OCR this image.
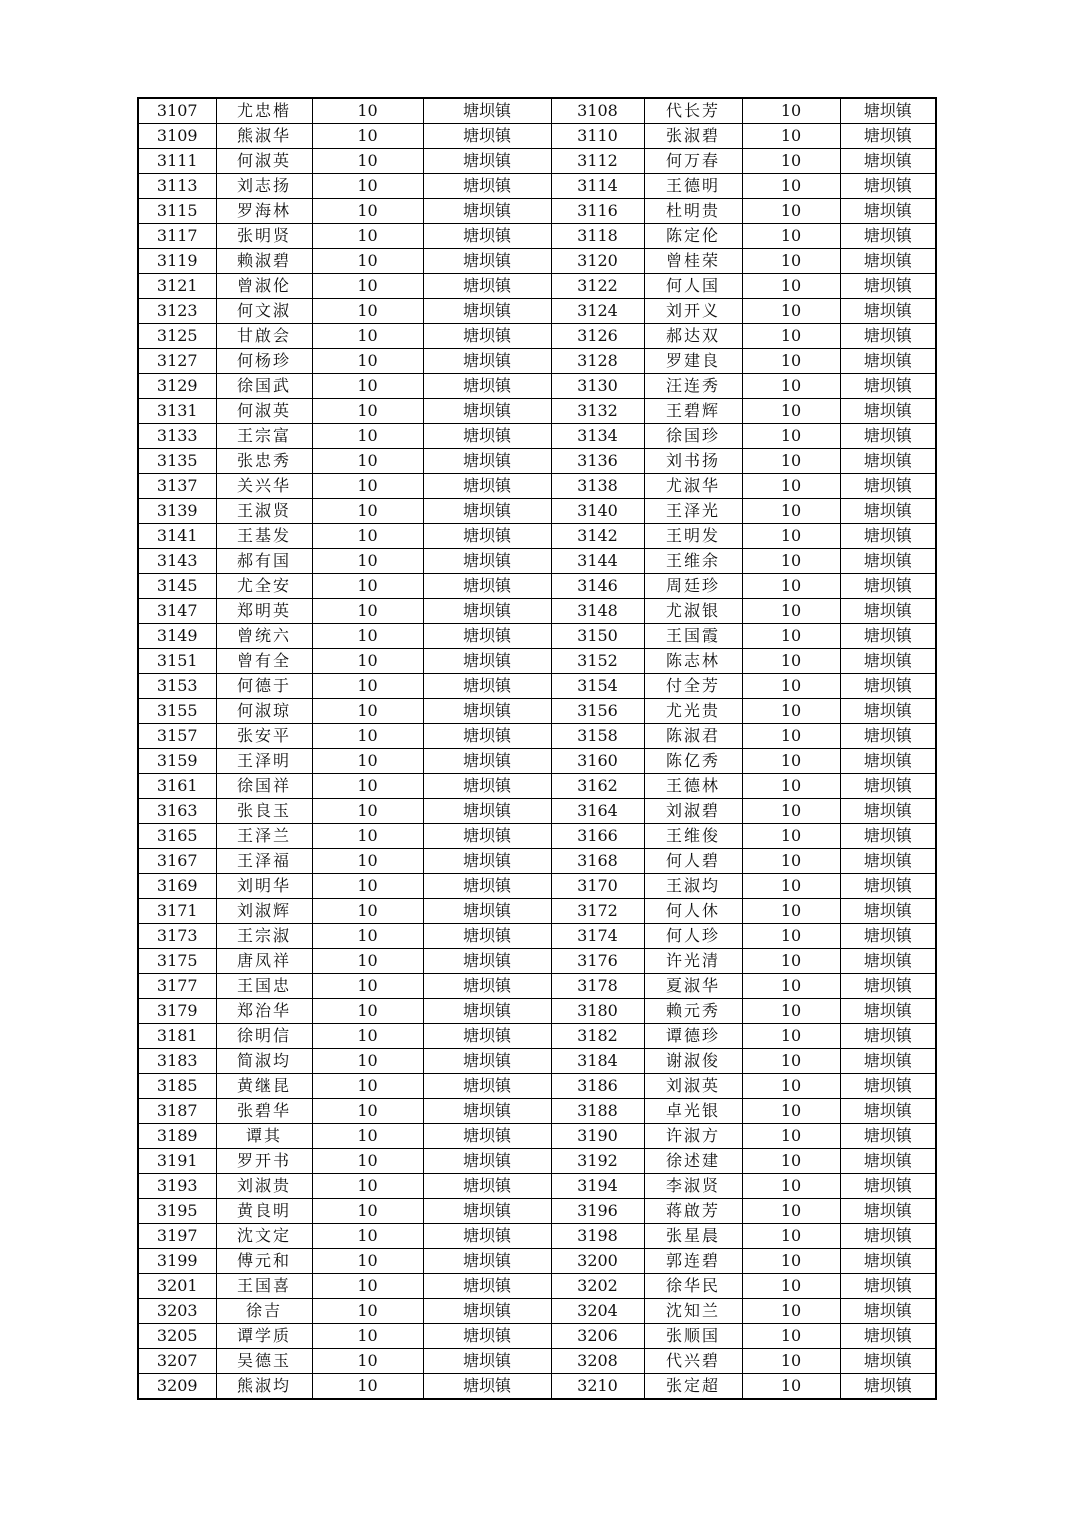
3107	尤忠楷	10	塘坝镇	3108	代长芳	10	塘坝镇
3109	熊淑华	10	塘坝镇	3110	张淑碧	10	塘坝镇
3111	何淑英	10	塘坝镇	3112	何万春	10	塘坝镇
3113	刘志扬	10	塘坝镇	3114	王德明	10	塘坝镇
3115	罗海林	10	塘坝镇	3116	杜明贵	10	塘坝镇
3117	张明贤	10	塘坝镇	3118	陈定伦	10	塘坝镇
3119	赖淑碧	10	塘坝镇	3120	曾桂荣	10	塘坝镇
3121	曾淑伦	10	塘坝镇	3122	何人国	10	塘坝镇
3123	何文淑	10	塘坝镇	3124	刘开义	10	塘坝镇
3125	甘啟会	10	塘坝镇	3126	郝达双	10	塘坝镇
3127	何杨珍	10	塘坝镇	3128	罗建良	10	塘坝镇
3129	徐国武	10	塘坝镇	3130	汪连秀	10	塘坝镇
3131	何淑英	10	塘坝镇	3132	王碧辉	10	塘坝镇
3133	王宗富	10	塘坝镇	3134	徐国珍	10	塘坝镇
3135	张忠秀	10	塘坝镇	3136	刘书扬	10	塘坝镇
3137	关兴华	10	塘坝镇	3138	尤淑华	10	塘坝镇
3139	王淑贤	10	塘坝镇	3140	王泽光	10	塘坝镇
3141	王基发	10	塘坝镇	3142	王明发	10	塘坝镇
3143	郝有国	10	塘坝镇	3144	王维余	10	塘坝镇
3145	尤全安	10	塘坝镇	3146	周廷珍	10	塘坝镇
3147	郑明英	10	塘坝镇	3148	尤淑银	10	塘坝镇
3149	曾统六	10	塘坝镇	3150	王国霞	10	塘坝镇
3151	曾有全	10	塘坝镇	3152	陈志林	10	塘坝镇
3153	何德于	10	塘坝镇	3154	付全芳	10	塘坝镇
3155	何淑琼	10	塘坝镇	3156	尤光贵	10	塘坝镇
3157	张安平	10	塘坝镇	3158	陈淑君	10	塘坝镇
3159	王泽明	10	塘坝镇	3160	陈亿秀	10	塘坝镇
3161	徐国祥	10	塘坝镇	3162	王德林	10	塘坝镇
3163	张良玉	10	塘坝镇	3164	刘淑碧	10	塘坝镇
3165	王泽兰	10	塘坝镇	3166	王维俊	10	塘坝镇
3167	王泽福	10	塘坝镇	3168	何人碧	10	塘坝镇
3169	刘明华	10	塘坝镇	3170	王淑均	10	塘坝镇
3171	刘淑辉	10	塘坝镇	3172	何人休	10	塘坝镇
3173	王宗淑	10	塘坝镇	3174	何人珍	10	塘坝镇
3175	唐凤祥	10	塘坝镇	3176	许光清	10	塘坝镇
3177	王国忠	10	塘坝镇	3178	夏淑华	10	塘坝镇
3179	郑治华	10	塘坝镇	3180	赖元秀	10	塘坝镇
3181	徐明信	10	塘坝镇	3182	谭德珍	10	塘坝镇
3183	简淑均	10	塘坝镇	3184	谢淑俊	10	塘坝镇
3185	黄继昆	10	塘坝镇	3186	刘淑英	10	塘坝镇
3187	张碧华	10	塘坝镇	3188	卓光银	10	塘坝镇
3189	谭其	10	塘坝镇	3190	许淑方	10	塘坝镇
3191	罗开书	10	塘坝镇	3192	徐述建	10	塘坝镇
3193	刘淑贵	10	塘坝镇	3194	李淑贤	10	塘坝镇
3195	黄良明	10	塘坝镇	3196	蒋啟芳	10	塘坝镇
3197	沈文定	10	塘坝镇	3198	张星晨	10	塘坝镇
3199	傅元和	10	塘坝镇	3200	郭连碧	10	塘坝镇
3201	王国喜	10	塘坝镇	3202	徐华民	10	塘坝镇
3203	徐吉	10	塘坝镇	3204	沈知兰	10	塘坝镇
3205	谭学质	10	塘坝镇	3206	张顺国	10	塘坝镇
3207	吴德玉	10	塘坝镇	3208	代兴碧	10	塘坝镇
3209	熊淑均	10	塘坝镇	3210	张定超	10	塘坝镇
